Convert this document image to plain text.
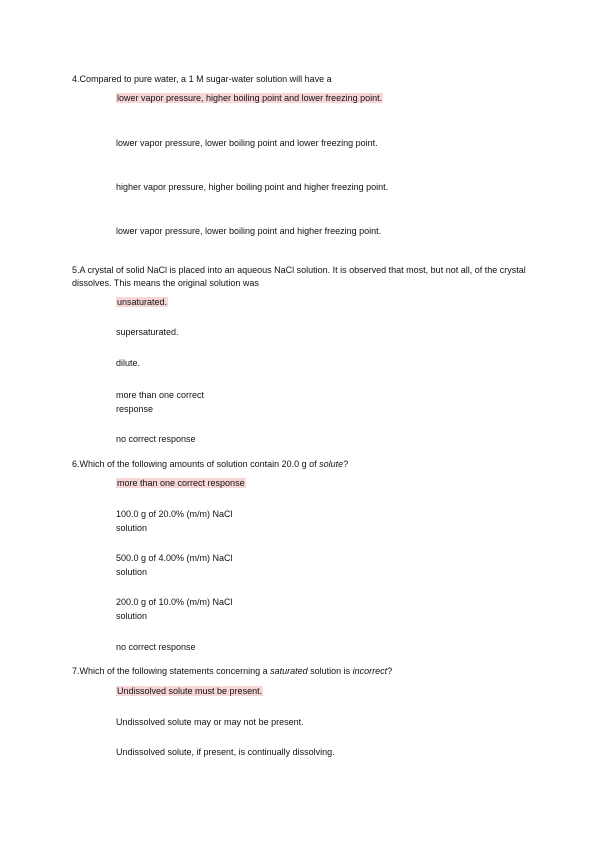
4.Compared to pure water, a 1 M sugar-water solution will have a
lower vapor pressure, higher boiling point and lower freezing point.
lower vapor pressure, lower boiling point and lower freezing point.
higher vapor pressure, higher boiling point and higher freezing point.
lower vapor pressure, lower boiling point and higher freezing point.
5.A crystal of solid NaCl is placed into an aqueous NaCl solution. It is observed that most, but not all, of the crystal dissolves. This means the original solution was
unsaturated.
supersaturated.
dilute.
more than one correct response
no correct response
6.Which of the following amounts of solution contain 20.0 g of solute?
more than one correct response
100.0 g of 20.0% (m/m) NaCl solution
500.0 g of 4.00% (m/m) NaCl solution
200.0 g of 10.0% (m/m) NaCl solution
no correct response
7.Which of the following statements concerning a saturated solution is incorrect?
Undissolved solute must be present.
Undissolved solute may or may not be present.
Undissolved solute, if present, is continually dissolving.
